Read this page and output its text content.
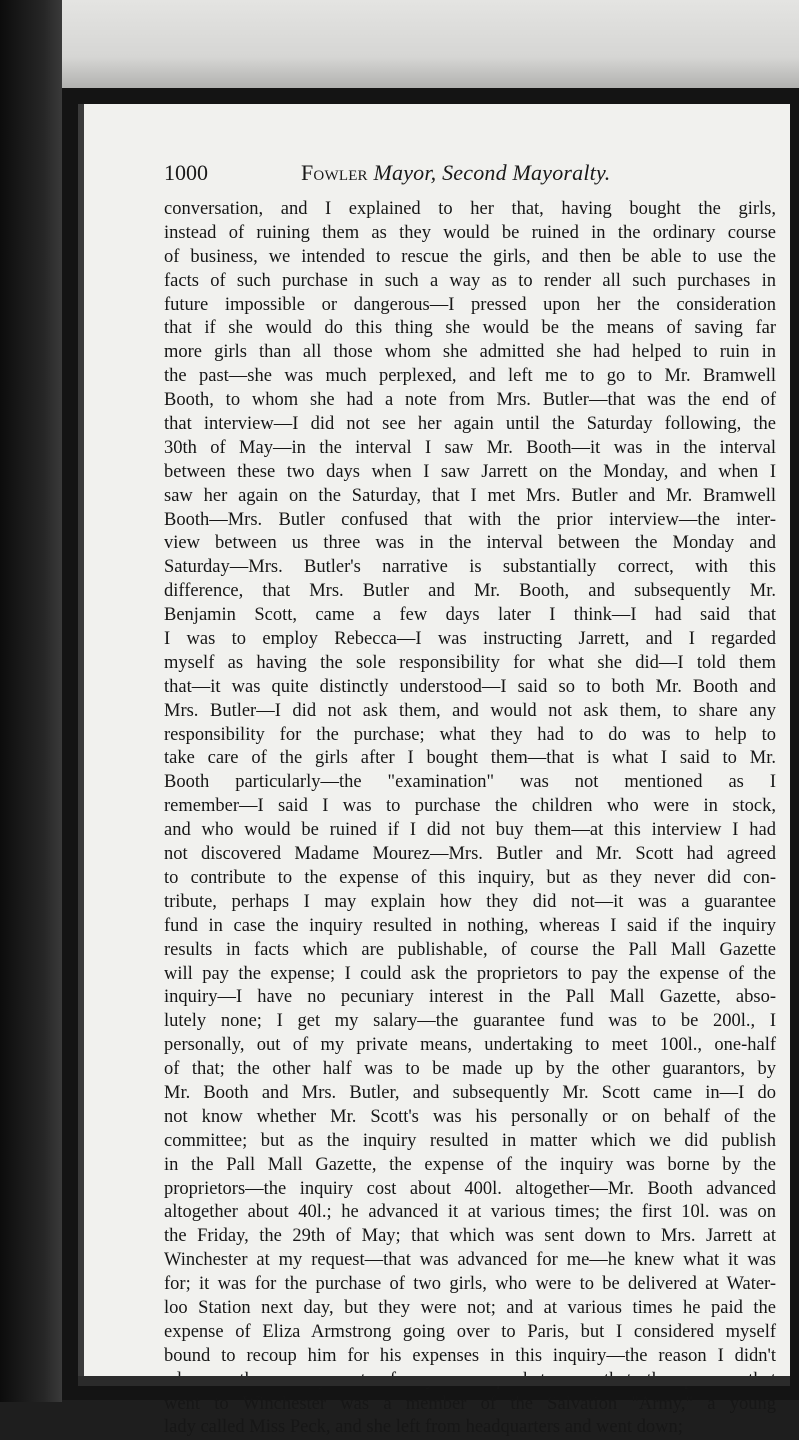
1000	Fowler Mayor, Second Mayoralty.
conversation, and I explained to her that, having bought the girls,
instead of ruining them as they would be ruined in the ordinary course
of business, we intended to rescue the girls, and then be able to use the
facts of such purchase in such a way as to render all such purchases in
future impossible or dangerous—I pressed upon her the consideration
that if she would do this thing she would be the means of saving far
more girls than all those whom she admitted she had helped to ruin in
the past—she was much perplexed, and left me to go to Mr. Bramwell
Booth, to whom she had a note from Mrs. Butler—that was the end of
that interview—I did not see her again until the Saturday following, the
30th of May—in the interval I saw Mr. Booth—it was in the interval
between these two days when I saw Jarrett on the Monday, and when I
saw her again on the Saturday, that I met Mrs. Butler and Mr. Bramwell
Booth—Mrs. Butler confused that with the prior interview—the inter-
view between us three was in the interval between the Monday and
Saturday—Mrs. Butler's narrative is substantially correct, with this
difference, that Mrs. Butler and Mr. Booth, and subsequently Mr.
Benjamin Scott, came a few days later I think—I had said that
I was to employ Rebecca—I was instructing Jarrett, and I regarded
myself as having the sole responsibility for what she did—I told them
that—it was quite distinctly understood—I said so to both Mr. Booth and
Mrs. Butler—I did not ask them, and would not ask them, to share any
responsibility for the purchase; what they had to do was to help to
take care of the girls after I bought them—that is what I said to Mr.
Booth particularly—the "examination" was not mentioned as I
remember—I said I was to purchase the children who were in stock,
and who would be ruined if I did not buy them—at this interview I had
not discovered Madame Mourez—Mrs. Butler and Mr. Scott had agreed
to contribute to the expense of this inquiry, but as they never did con-
tribute, perhaps I may explain how they did not—it was a guarantee
fund in case the inquiry resulted in nothing, whereas I said if the inquiry
results in facts which are publishable, of course the Pall Mall Gazette
will pay the expense; I could ask the proprietors to pay the expense of the
inquiry—I have no pecuniary interest in the Pall Mall Gazette, abso-
lutely none; I get my salary—the guarantee fund was to be 200l., I
personally, out of my private means, undertaking to meet 100l., one-half
of that; the other half was to be made up by the other guarantors, by
Mr. Booth and Mrs. Butler, and subsequently Mr. Scott came in—I do
not know whether Mr. Scott's was his personally or on behalf of the
committee; but as the inquiry resulted in matter which we did publish
in the Pall Mall Gazette, the expense of the inquiry was borne by the
proprietors—the inquiry cost about 400l. altogether—Mr. Booth advanced
altogether about 40l.; he advanced it at various times; the first 10l. was on
the Friday, the 29th of May; that which was sent down to Mrs. Jarrett at
Winchester at my request—that was advanced for me—he knew what it was
for; it was for the purchase of two girls, who were to be delivered at Water-
loo Station next day, but they were not; and at various times he paid the
expense of Eliza Armstrong going over to Paris, but I considered myself
bound to recoup him for his expenses in this inquiry—the reason I didn't
went to Winchester was a member of the Salvation "Army," a young
lady called Miss Peck, and she left from headquarters and went down;
